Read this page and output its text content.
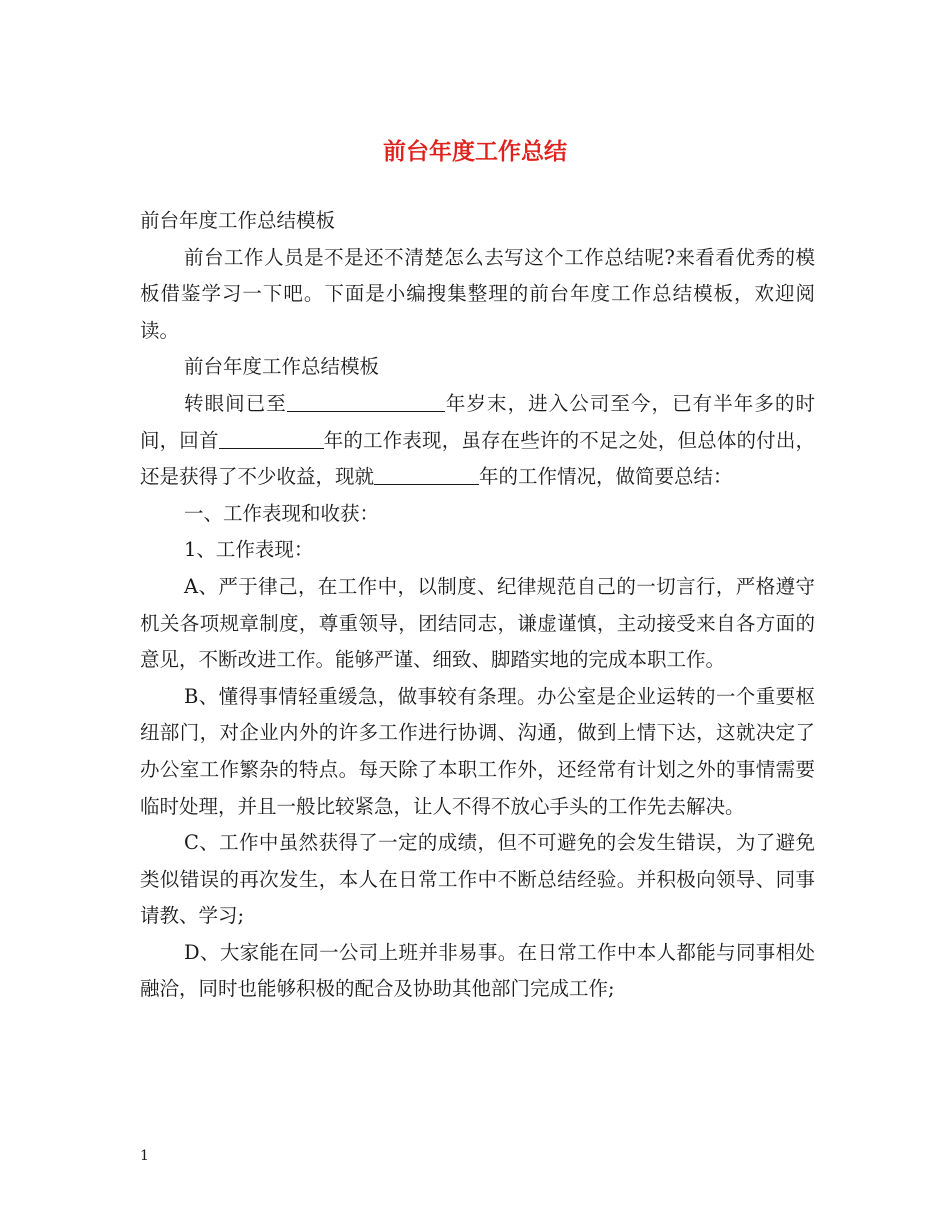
前台年度工作总结

前台年度工作总结模板

前台工作人员是不是还不清楚怎么去写这个工作总结呢?来看看优秀的模板借鉴学习一下吧。下面是小编搜集整理的前台年度工作总结模板，欢迎阅读。

前台年度工作总结模板

转眼间已至	年岁末，进入公司至今，已有半年多的时间，回首	年的工作表现，虽存在些许的不足之处，但总体的付出，还是获得了不少收益，现就	年的工作情况，做简要总结：

一、工作表现和收获：

1、工作表现：

A、严于律己，在工作中，以制度、纪律规范自己的一切言行，严格遵守机关各项规章制度，尊重领导，团结同志，谦虚谨慎，主动接受来自各方面的意见，不断改进工作。能够严谨、细致、脚踏实地的完成本职工作。

B、懂得事情轻重缓急，做事较有条理。办公室是企业运转的一个重要枢纽部门，对企业内外的许多工作进行协调、沟通，做到上情下达，这就决定了办公室工作繁杂的特点。每天除了本职工作外，还经常有计划之外的事情需要临时处理，并且一般比较紧急，让人不得不放心手头的工作先去解决。

C、工作中虽然获得了一定的成绩，但不可避免的会发生错误，为了避免类似错误的再次发生，本人在日常工作中不断总结经验。并积极向领导、同事请教、学习;

D、大家能在同一公司上班并非易事。在日常工作中本人都能与同事相处融洽，同时也能够积极的配合及协助其他部门完成工作;

1
